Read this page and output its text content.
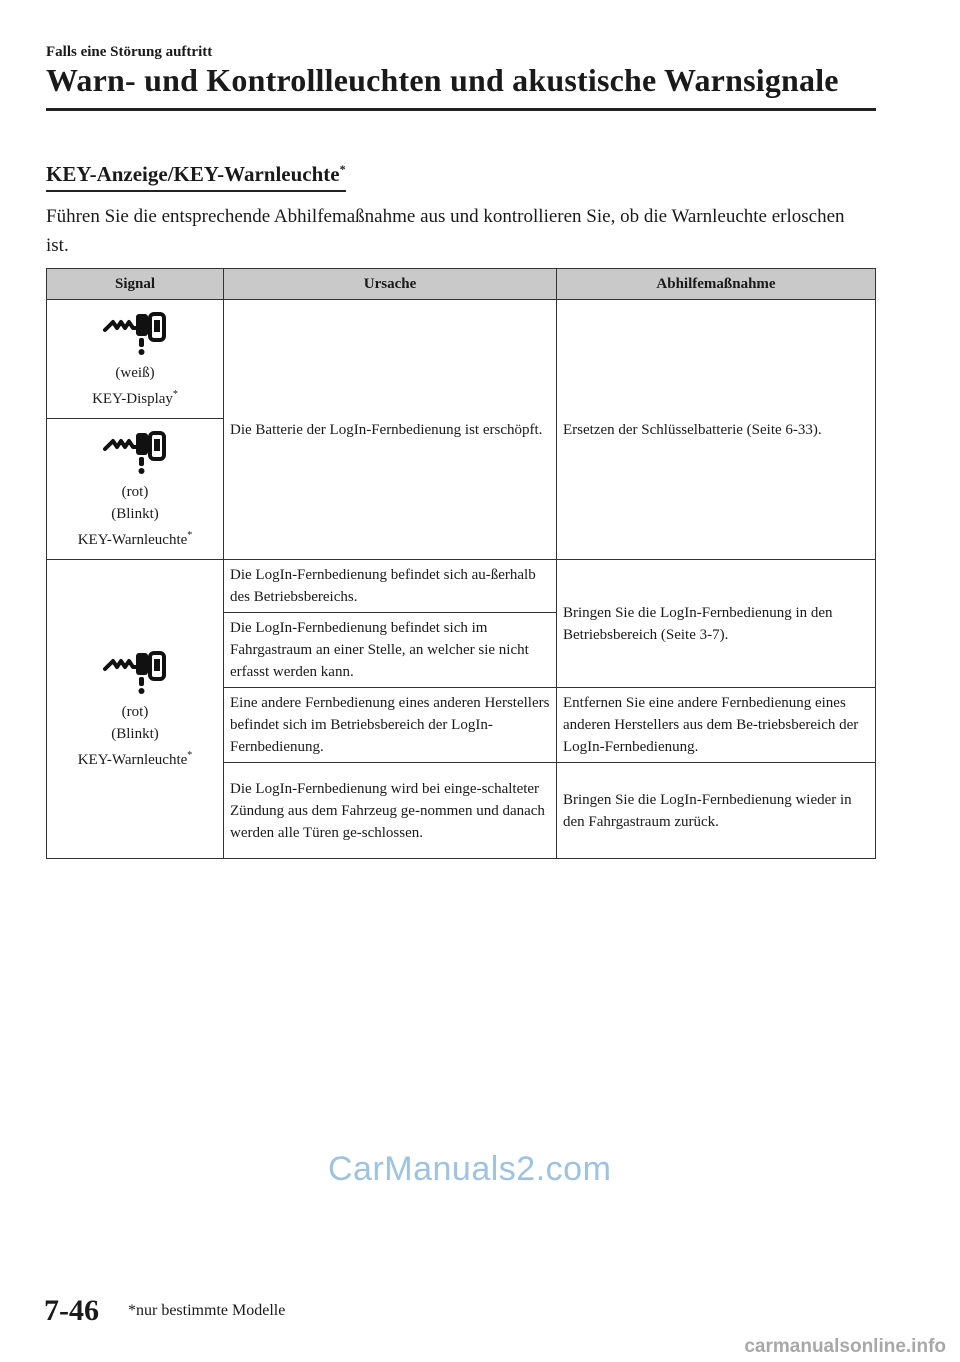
Falls eine Störung auftritt
Warn- und Kontrollleuchten und akustische Warnsignale
KEY-Anzeige/KEY-Warnleuchte*
Führen Sie die entsprechende Abhilfemaßnahme aus und kontrollieren Sie, ob die Warnleuchte erloschen ist.
Signal	Ursache	Abhilfemaßnahme

(weiß)
KEY-Display*	Die Batterie der LogIn-Fernbedienung ist erschöpft.	Ersetzen der Schlüsselbatterie (Seite 6-33).

(rot)
(Blinkt)
KEY-Warnleuchte*

(rot)
(Blinkt)
KEY-Warnleuchte*	Die LogIn-Fernbedienung befindet sich au-ßerhalb des Betriebsbereichs.	Bringen Sie die LogIn-Fernbedienung in den Betriebsbereich (Seite 3-7).
	Die LogIn-Fernbedienung befindet sich im Fahrgastraum an einer Stelle, an welcher sie nicht erfasst werden kann.	
	Eine andere Fernbedienung eines anderen Herstellers befindet sich im Betriebsbereich der LogIn-Fernbedienung.	Entfernen Sie eine andere Fernbedienung eines anderen Herstellers aus dem Be-triebsbereich der LogIn-Fernbedienung.
	Die LogIn-Fernbedienung wird bei einge-schalteter Zündung aus dem Fahrzeug ge-nommen und danach werden alle Türen ge-schlossen.	Bringen Sie die LogIn-Fernbedienung wieder in den Fahrgastraum zurück.
CarManuals2.com
7-46 *nur bestimmte Modelle
carmanualsonline.info
